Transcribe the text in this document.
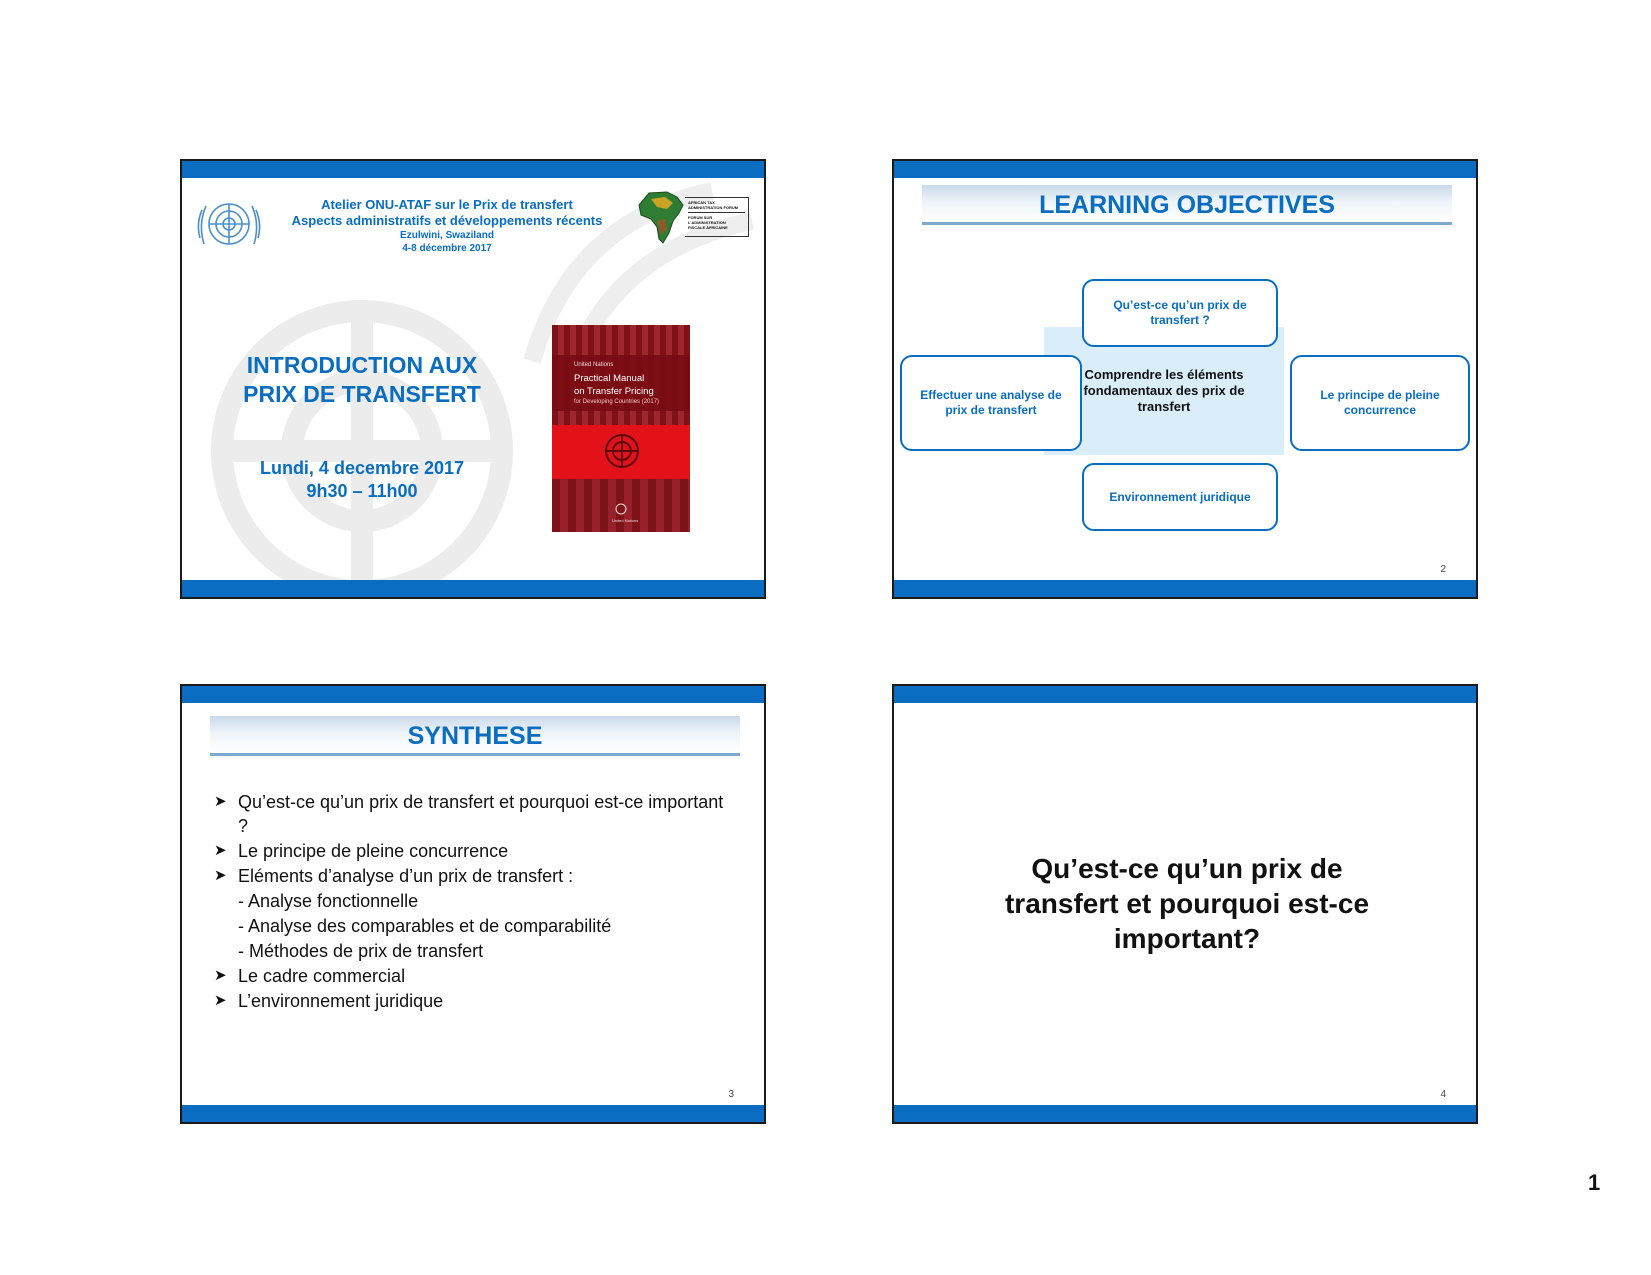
Atelier ONU-ATAF sur le Prix de transfert
Aspects administratifs et développements récents
Ezulwini, Swaziland
4-8 décembre 2017
AFRICAN TAX
ADMINISTRATION FORUM
FORUM SUR
L'ADMINISTRATION
FISCALE AFRICAINE
INTRODUCTION AUX
PRIX DE TRANSFERT
Lundi, 4 decembre 2017
9h30 – 11h00
United Nations
Practical Manual
on Transfer Pricing
for Developing Countries (2017)
United Nations
LEARNING OBJECTIVES
Comprendre les éléments fondamentaux des prix de transfert
Qu’est-ce qu’un prix de transfert ?
Effectuer une analyse de prix de transfert
Le principe de pleine concurrence
Environnement juridique
2
SYNTHESE
➤ Qu’est-ce qu’un prix de transfert et pourquoi est-ce important ?
➤ Le principe de pleine concurrence
➤ Eléments d’analyse d’un prix de transfert :
- Analyse fonctionnelle
- Analyse des comparables et de comparabilité
- Méthodes de prix de transfert
➤ Le cadre commercial
➤ L’environnement juridique
3
Qu’est-ce qu’un prix de
transfert et pourquoi est-ce
important?
4
1
